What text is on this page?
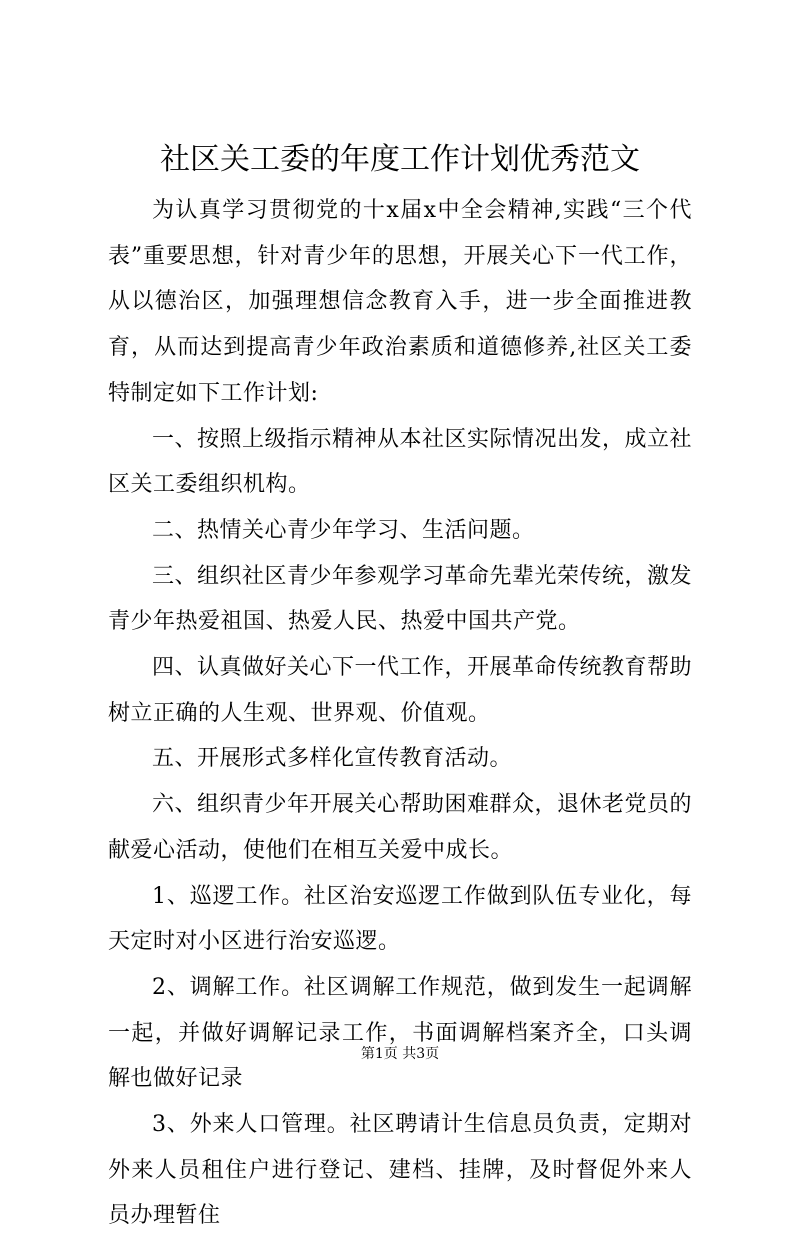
社区关工委的年度工作计划优秀范文

为认真学习贯彻党的十x届x中全会精神,实践“三个代表”重要思想，针对青少年的思想，开展关心下一代工作，从以德治区，加强理想信念教育入手，进一步全面推进教育，从而达到提高青少年政治素质和道德修养,社区关工委特制定如下工作计划:

一、按照上级指示精神从本社区实际情况出发，成立社区关工委组织机构。

二、热情关心青少年学习、生活问题。

三、组织社区青少年参观学习革命先辈光荣传统，激发青少年热爱祖国、热爱人民、热爱中国共产党。

四、认真做好关心下一代工作，开展革命传统教育帮助树立正确的人生观、世界观、价值观。

五、开展形式多样化宣传教育活动。

六、组织青少年开展关心帮助困难群众，退休老党员的献爱心活动，使他们在相互关爱中成长。

1、巡逻工作。社区治安巡逻工作做到队伍专业化，每天定时对小区进行治安巡逻。

2、调解工作。社区调解工作规范，做到发生一起调解一起，并做好调解记录工作，书面调解档案齐全，口头调解也做好记录

3、外来人口管理。社区聘请计生信息员负责，定期对外来人员租住户进行登记、建档、挂牌，及时督促外来人员办理暂住

第1页 共3页
